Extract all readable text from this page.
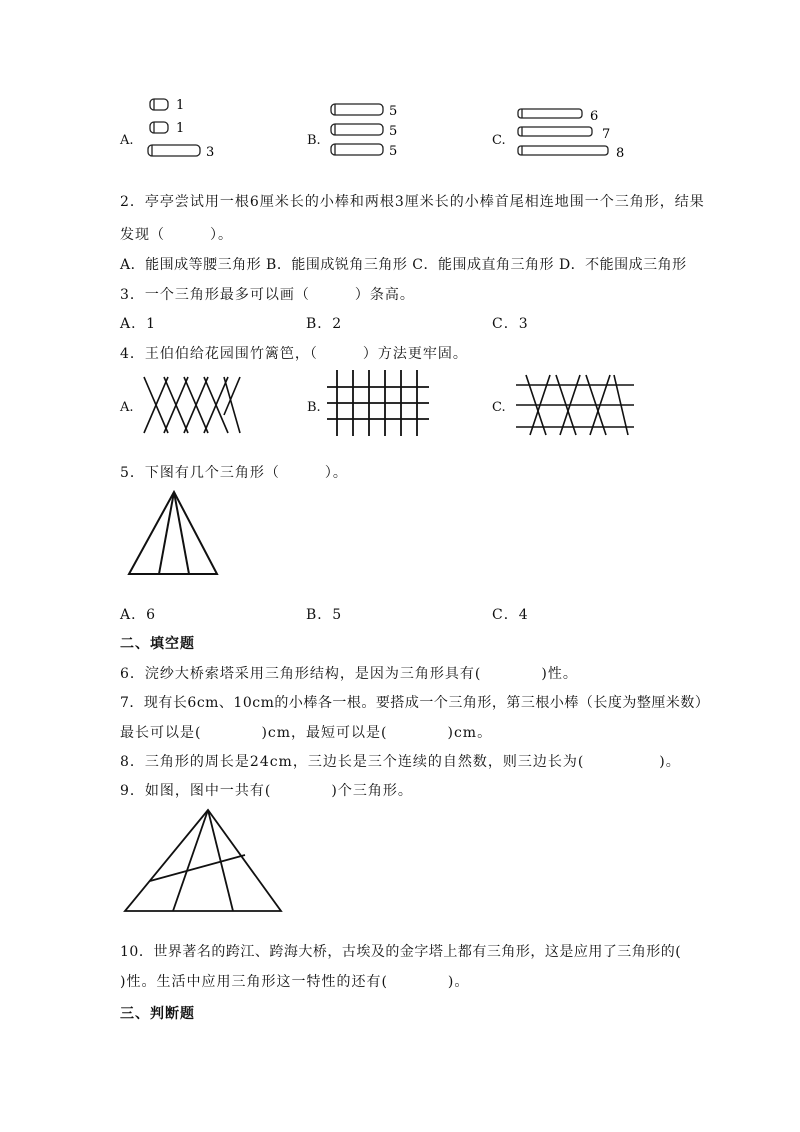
A.
1
1
3
B.
5
5
5
C.
6
7
8
2．亭亭尝试用一根6厘米长的小棒和两根3厘米长的小棒首尾相连地围一个三角形，结果
发现（　　　）。
A．能围成等腰三角形 B．能围成锐角三角形 C．能围成直角三角形 D．不能围成三角形
3．一个三角形最多可以画（　　　）条高。
A．1	B．2	C．3
4．王伯伯给花园围竹篱笆，（　　　）方法更牢固。
A.	B.	C.
5．下图有几个三角形（　　　）。
A．6	B．5	C．4
二、填空题
6．浣纱大桥索塔采用三角形结构，是因为三角形具有(　　　　)性。
7．现有长6cm、10cm的小棒各一根。要搭成一个三角形，第三根小棒（长度为整厘米数）
最长可以是(　　　　)cm，最短可以是(　　　　)cm。
8．三角形的周长是24cm，三边长是三个连续的自然数，则三边长为(　　　　　)。
9．如图，图中一共有(　　　　)个三角形。
10．世界著名的跨江、跨海大桥，古埃及的金字塔上都有三角形，这是应用了三角形的(
)性。生活中应用三角形这一特性的还有(　　　　)。
三、判断题
